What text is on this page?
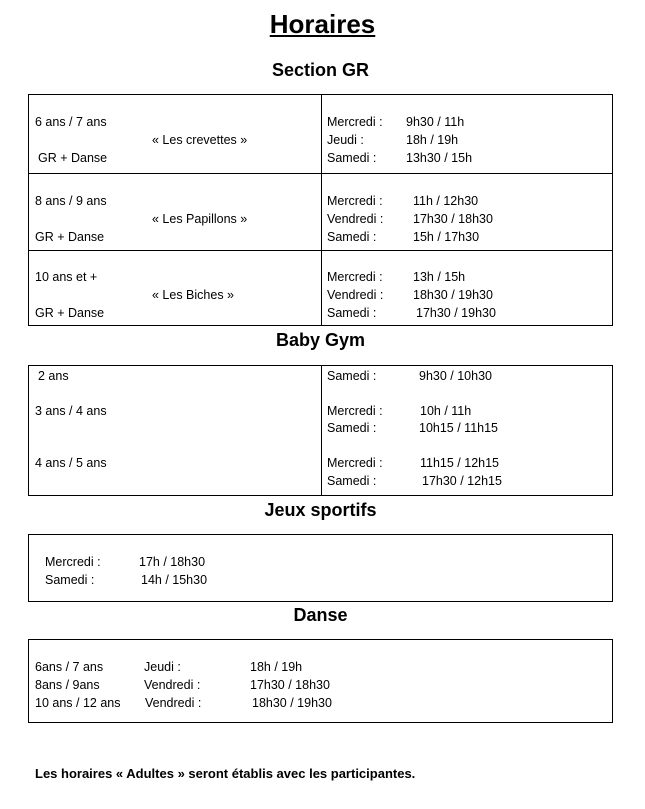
Horaires
Section GR
6 ans / 7 ans
« Les crevettes »
GR + Danse
Mercredi : 9h30 / 11h
Jeudi :	18h / 19h
Samedi : 13h30 / 15h
8 ans / 9 ans
« Les Papillons »
GR + Danse
Mercredi : 11h / 12h30
Vendredi : 17h30 / 18h30
Samedi :	15h / 17h30
10 ans et +
« Les Biches »
GR + Danse
Mercredi : 13h / 15h
Vendredi : 18h30 / 19h30
Samedi :	17h30 / 19h30
Baby Gym
2 ans	Samedi :	9h30 / 10h30
3 ans / 4 ans	Mercredi :	10h / 11h
Samedi :	10h15 / 11h15
4 ans / 5 ans	Mercredi :	11h15 / 12h15
Samedi :	17h30 / 12h15
Jeux sportifs
Mercredi :	17h / 18h30
Samedi :	14h / 15h30
Danse
6ans / 7 ans	Jeudi :	18h / 19h
8ans / 9ans	Vendredi :	17h30 / 18h30
10 ans / 12 ans Vendredi :	18h30 / 19h30
Les horaires « Adultes » seront établis avec les participantes.
